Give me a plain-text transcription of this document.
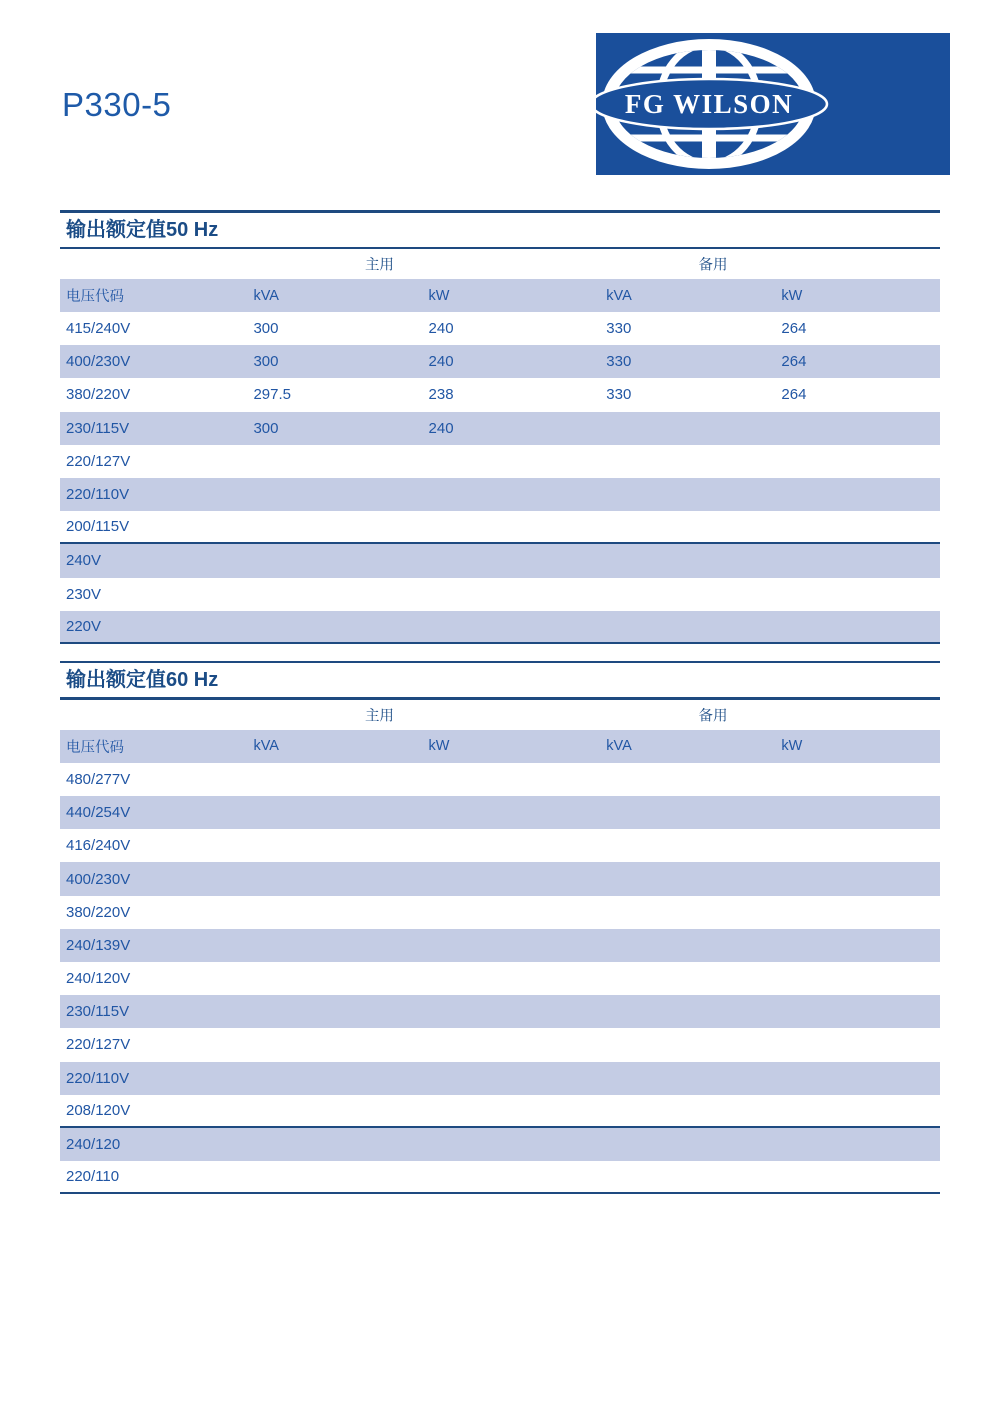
P330-5	FG WILSON
输出额定值50 Hz
主用	备用
电压代码	kVA	kW	kVA	kW
415/240V	300	240	330	264
400/230V	300	240	330	264
380/220V	297.5	238	330	264
230/115V	300	240
220/127V
220/110V
200/115V
240V
230V
220V
输出额定值60 Hz
主用	备用
电压代码	kVA	kW	kVA	kW
480/277V
440/254V
416/240V
400/230V
380/220V
240/139V
240/120V
230/115V
220/127V
220/110V
208/120V
240/120
220/110
